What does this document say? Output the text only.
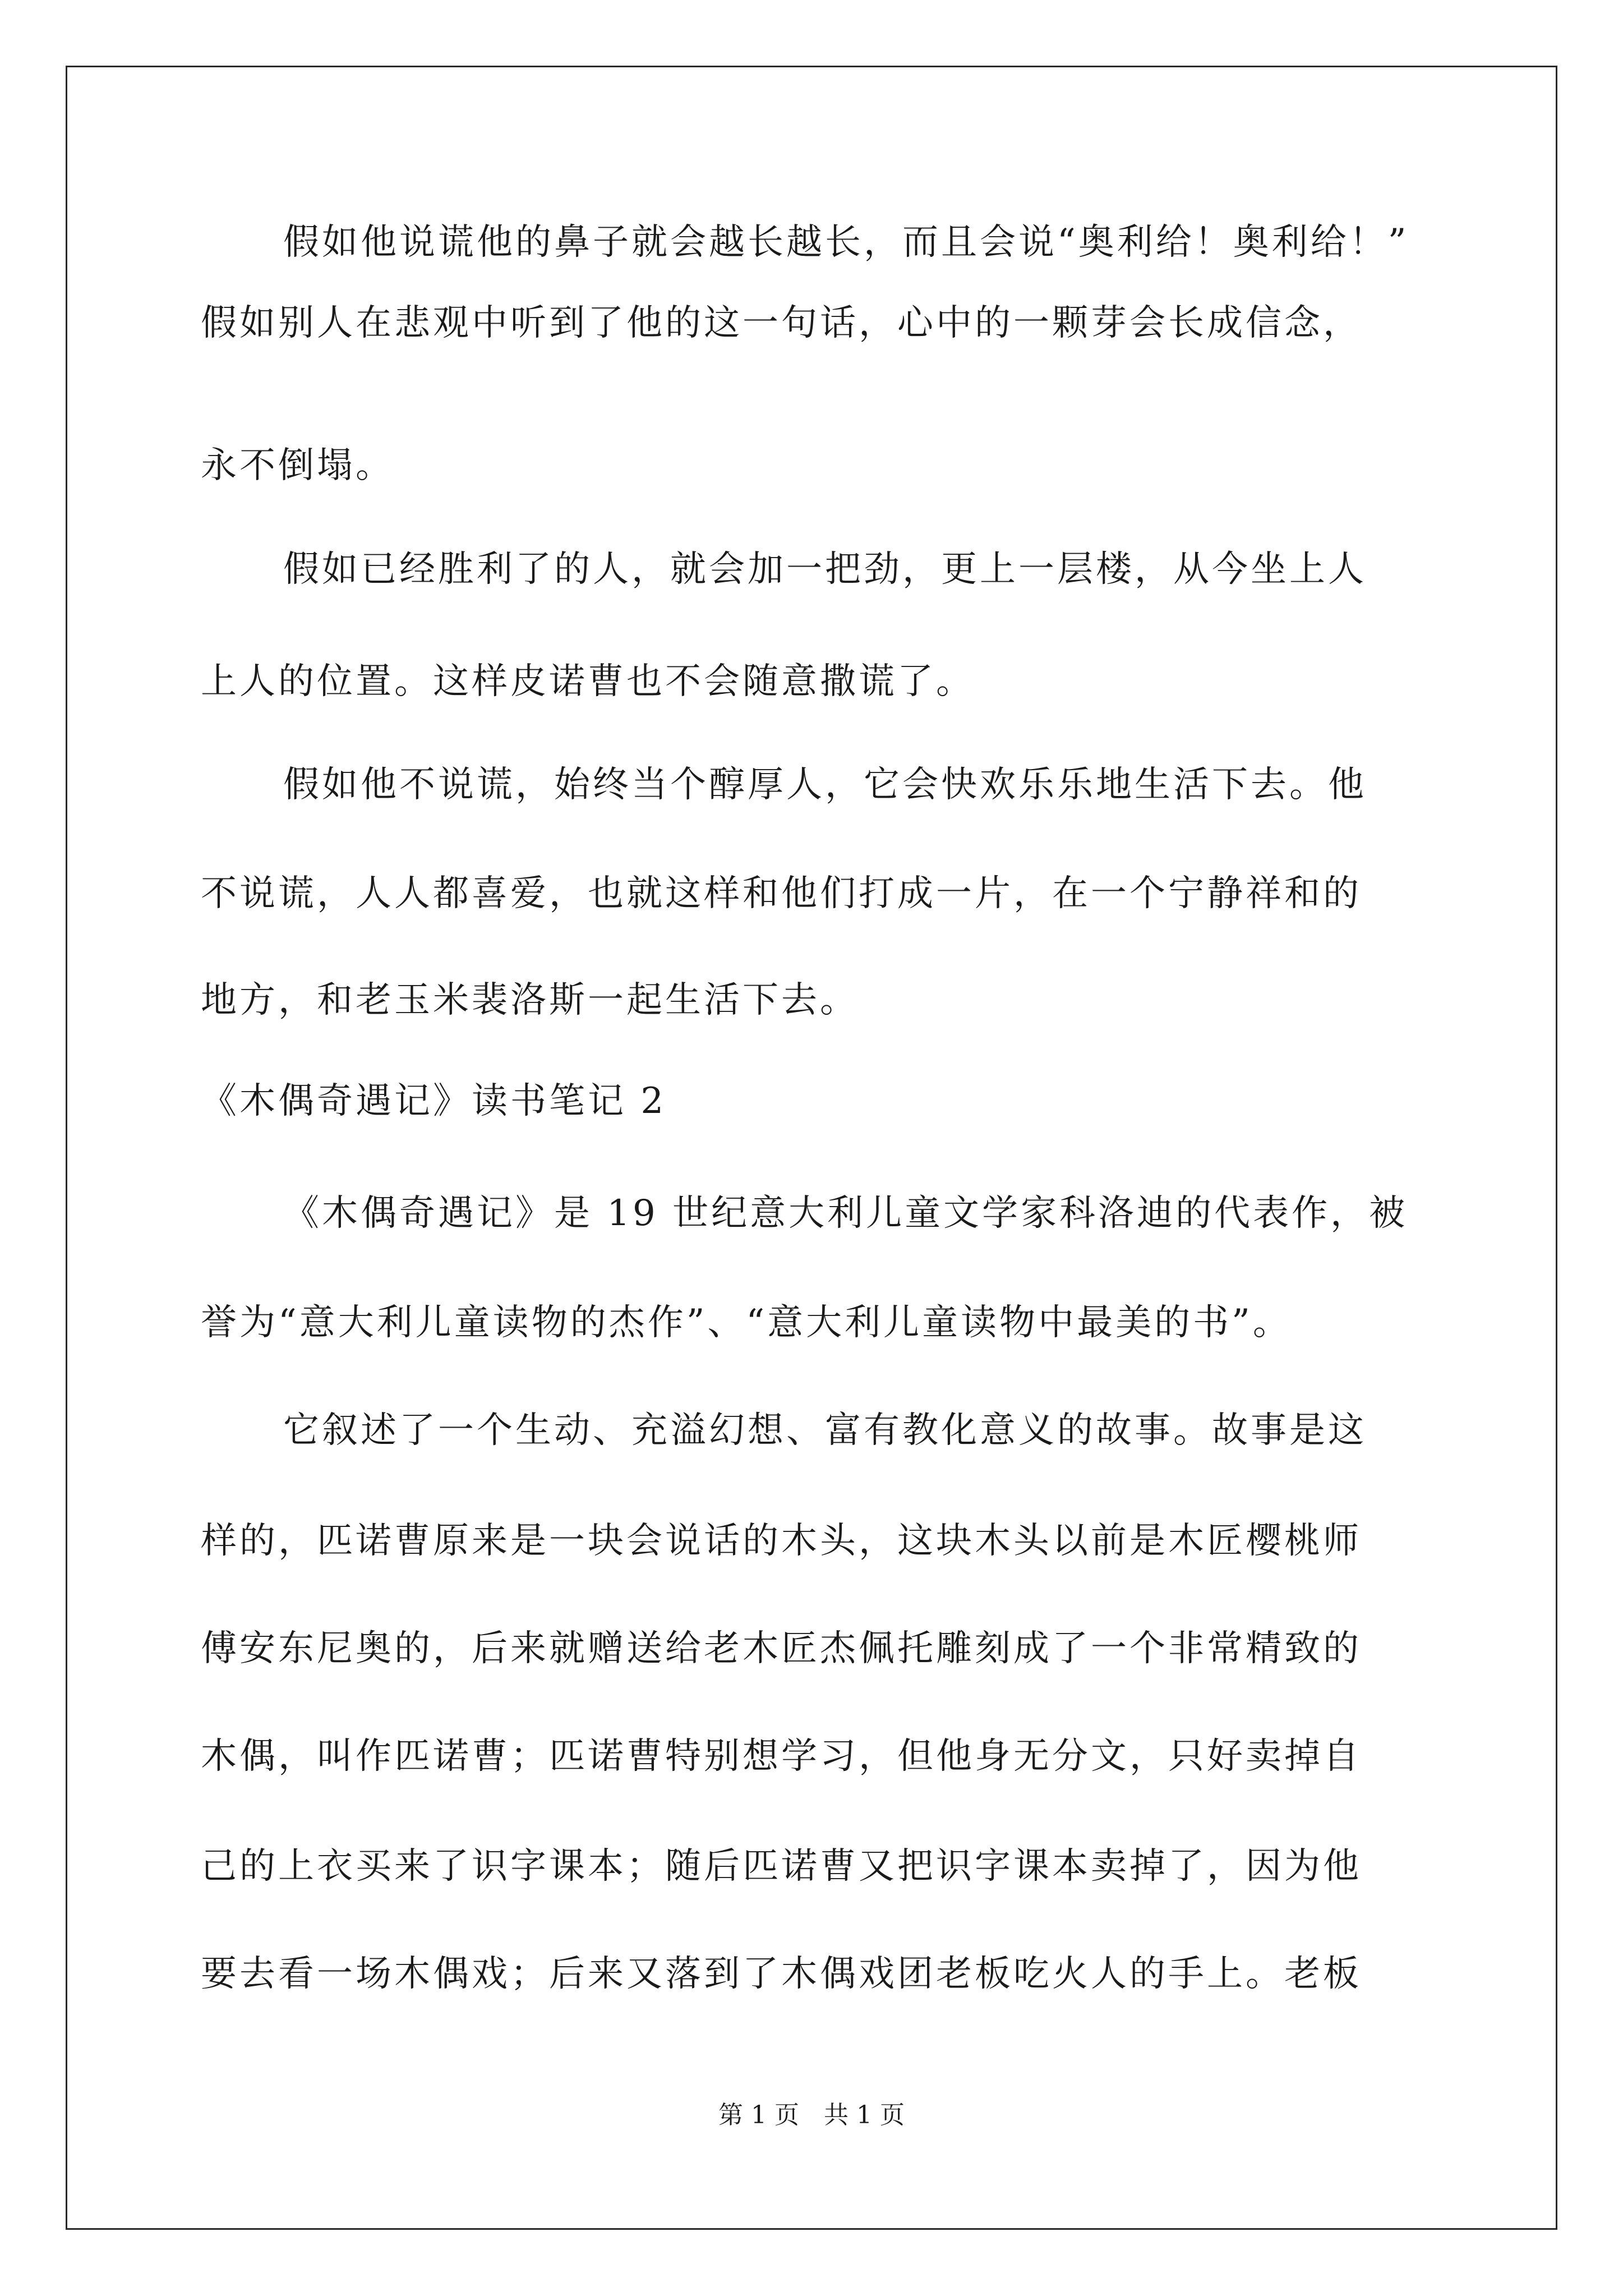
假如他说谎他的鼻子就会越长越长，而且会说“奥利给！奥利给！”
假如别人在悲观中听到了他的这一句话，心中的一颗芽会长成信念，
永不倒塌。
假如已经胜利了的人，就会加一把劲，更上一层楼，从今坐上人
上人的位置。这样皮诺曹也不会随意撒谎了。
假如他不说谎，始终当个醇厚人，它会快欢乐乐地生活下去。他
不说谎，人人都喜爱，也就这样和他们打成一片，在一个宁静祥和的
地方，和老玉米裴洛斯一起生活下去。
《木偶奇遇记》读书笔记 2
《木偶奇遇记》是 19 世纪意大利儿童文学家科洛迪的代表作，被
誉为“意大利儿童读物的杰作”、“意大利儿童读物中最美的书”。
它叙述了一个生动、充溢幻想、富有教化意义的故事。故事是这
样的，匹诺曹原来是一块会说话的木头，这块木头以前是木匠樱桃师
傅安东尼奥的，后来就赠送给老木匠杰佩托雕刻成了一个非常精致的
木偶，叫作匹诺曹；匹诺曹特别想学习，但他身无分文，只好卖掉自
己的上衣买来了识字课本；随后匹诺曹又把识字课本卖掉了，因为他
要去看一场木偶戏；后来又落到了木偶戏团老板吃火人的手上。老板
第 1 页　共 1 页
